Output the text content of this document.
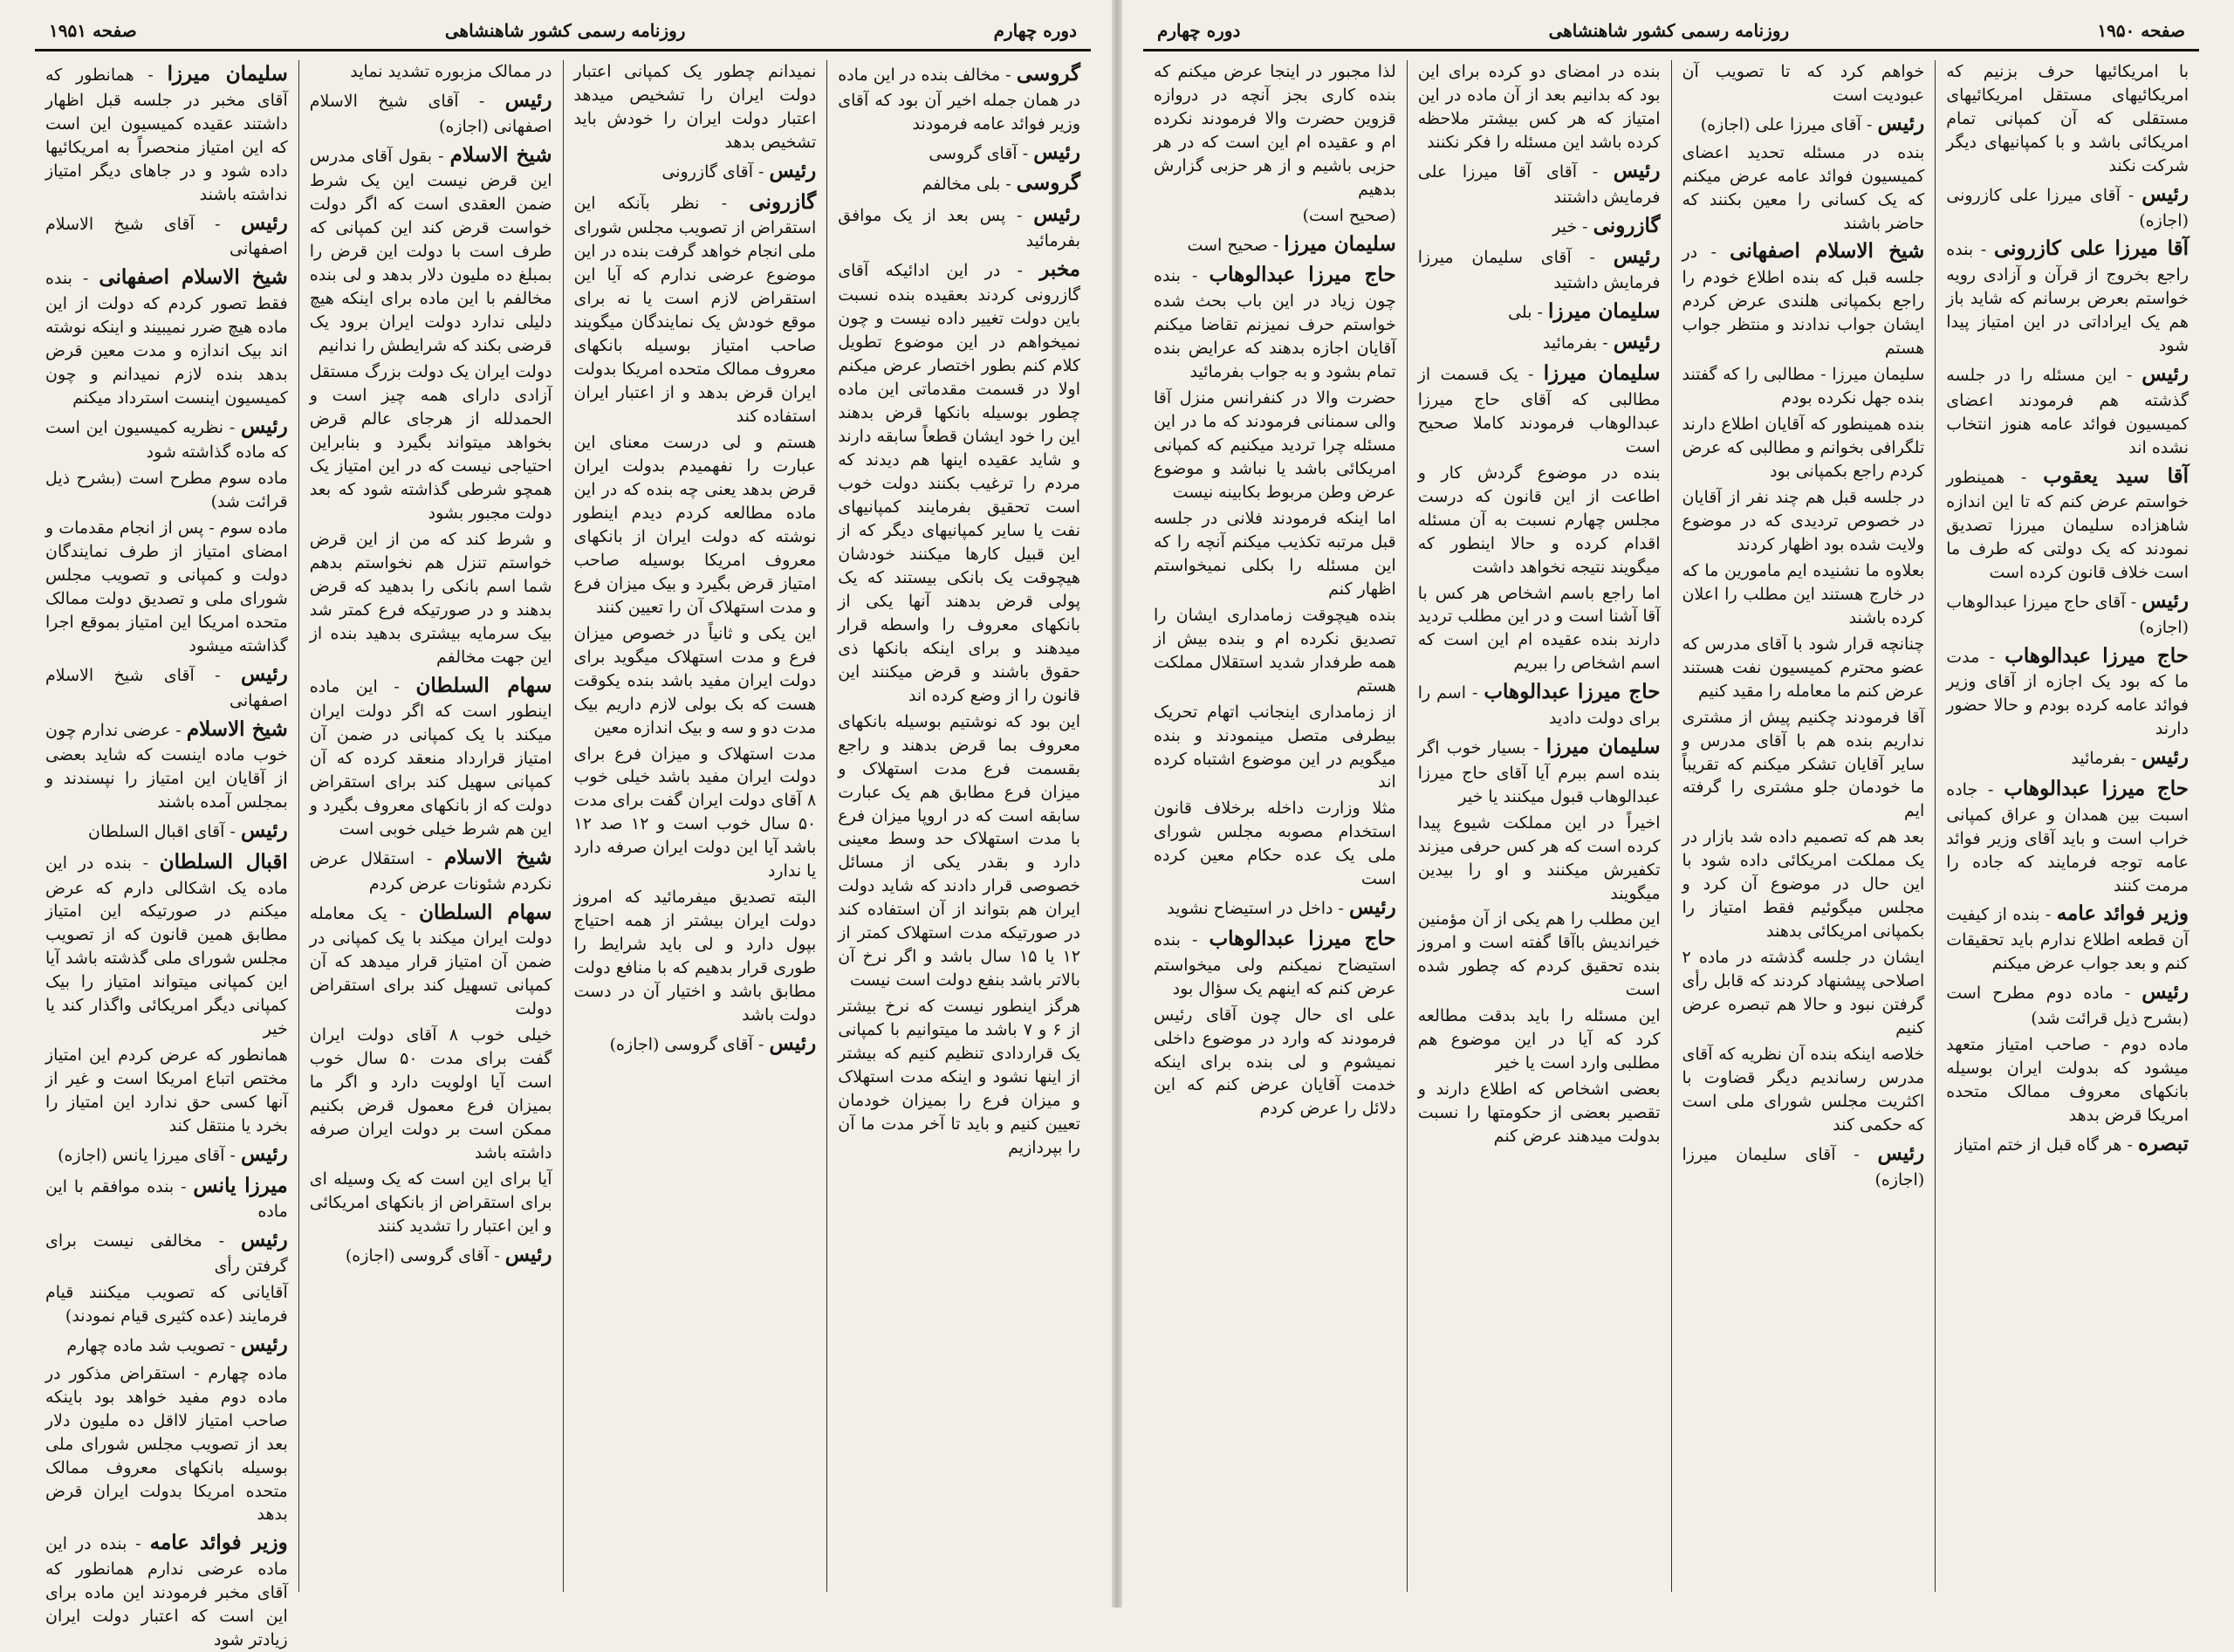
صفحه ۱۹۵۰
روزنامه رسمی کشور شاهنشاهی
دوره چهارم

با امریکائیها حرف بزنیم که امریکائیهای مستقل امریکائیهای مستقلی که آن کمپانی تمام امریکائی باشد و با کمپانیهای دیگر شرکت نکند

رئیس - آقای میرزا علی کازرونی (اجازه)

آقا میرزا علی کازرونی - بنده راجع بخروج از قرآن و آزادی رویه خواستم بعرض برسانم که شاید باز هم یک ایراداتی در این امتیاز پیدا شود

رئیس - این مسئله را در جلسه گذشته هم فرمودند اعضای کمیسیون فوائد عامه هنوز انتخاب نشده اند

آقا سید یعقوب - همینطور خواستم عرض کنم که تا این اندازه شاهزاده سلیمان میرزا تصدیق نمودند که یک دولتی که طرف ما است خلاف قانون کرده است

رئیس - آقای حاج میرزا عبدالوهاب (اجازه)

حاج میرزا عبدالوهاب - مدت ما که بود یک اجازه از آقای وزیر فوائد عامه کرده بودم و حالا حضور دارند

رئیس - بفرمائید

حاج میرزا عبدالوهاب - جاده اسبت بین همدان و عراق کمپانی خراب است و باید آقای وزیر فوائد عامه توجه فرمایند که جاده را مرمت کنند

وزیر فوائد عامه - بنده از کیفیت آن قطعه اطلاع ندارم باید تحقیقات کنم و بعد جواب عرض میکنم

رئیس - ماده دوم مطرح است (بشرح ذیل قرائت شد)

ماده دوم - صاحب امتیاز متعهد میشود که بدولت ایران بوسیله بانکهای معروف ممالک متحده امریکا قرض بدهد

تبصره - هر گاه قبل از ختم امتیاز

خواهم کرد که تا تصویب آن عبودیت است

رئیس - آقای میرزا علی (اجازه)

بنده در مسئله تحدید اعضای کمیسیون فوائد عامه عرض میکنم که یک کسانی را معین بکنند که حاضر باشند

شیخ الاسلام اصفهانی - در جلسه قبل که بنده اطلاع خودم را راجع بکمپانی هلندی عرض کردم ایشان جواب ندادند و منتظر جواب هستم

سلیمان میرزا - مطالبی را که گفتند بنده جهل نکرده بودم

بنده همینطور که آقایان اطلاع دارند تلگرافی بخوانم و مطالبی که عرض کردم راجع بکمپانی بود

در جلسه قبل هم چند نفر از آقایان در خصوص تردیدی که در موضوع ولایت شده بود اظهار کردند

بعلاوه ما نشنیده ایم مامورین ما که در خارج هستند این مطلب را اعلان کرده باشند

چنانچه قرار شود با آقای مدرس که عضو محترم کمیسیون نفت هستند عرض کنم ما معامله را مقید کنیم

آقا فرمودند چکنیم پیش از مشتری نداریم بنده هم با آقای مدرس و سایر آقایان تشکر میکنم که تقریباً ما خودمان جلو مشتری را گرفته ایم

بعد هم که تصمیم داده شد بازار در یک مملکت امریکائی داده شود با این حال در موضوع آن کرد و مجلس میگوئیم فقط امتیاز را بکمپانی امریکائی بدهند

ایشان در جلسه گذشته در ماده ۲ اصلاحی پیشنهاد کردند که قابل رأی گرفتن نبود و حالا هم تبصره عرض کنیم

خلاصه اینکه بنده آن نظریه که آقای مدرس رساندیم دیگر قضاوت با اکثریت مجلس شورای ملی است که حکمی کند

رئیس - آقای سلیمان میرزا (اجازه)

بنده در امضای دو کرده برای این بود که بدانیم بعد از آن ماده در این امتیاز که هر کس بیشتر ملاحظه کرده باشد این مسئله را فکر نکنند

رئیس - آقای آقا میرزا علی فرمایش داشتند

گازرونی - خیر

رئیس - آقای سلیمان میرزا فرمایش داشتید

سلیمان میرزا - بلی

رئیس - بفرمائید

سلیمان میرزا - یک قسمت از مطالبی که آقای حاج میرزا عبدالوهاب فرمودند کاملا صحیح است

بنده در موضوع گردش کار و اطاعت از این قانون که درست مجلس چهارم نسبت به آن مسئله اقدام کرده و حالا اینطور که میگویند نتیجه نخواهد داشت

اما راجع باسم اشخاص هر کس با آقا آشنا است و در این مطلب تردید دارند بنده عقیده ام این است که اسم اشخاص را ببریم

حاج میرزا عبدالوهاب - اسم را برای دولت دادید

سلیمان میرزا - بسیار خوب اگر بنده اسم ببرم آیا آقای حاج میرزا عبدالوهاب قبول میکنند یا خیر

اخیراً در این مملکت شیوع پیدا کرده است که هر کس حرفی میزند تکفیرش میکنند و او را بیدین میگویند

این مطلب را هم یکی از آن مؤمنین خیراندیش باآقا گفته است و امروز بنده تحقیق کردم که چطور شده است

این مسئله را باید بدقت مطالعه کرد که آیا در این موضوع هم مطلبی وارد است یا خیر

بعضی اشخاص که اطلاع دارند و تقصیر بعضی از حکومتها را نسبت بدولت میدهند عرض کنم

لذا مجبور در اینجا عرض میکنم که بنده کاری بجز آنچه در دروازه قزوین حضرت والا فرمودند نکرده ام و عقیده ام این است که در هر حزبی باشیم و از هر حزبی گزارش بدهیم

(صحیح است)

سلیمان میرزا - صحیح است

حاج میرزا عبدالوهاب - بنده چون زیاد در این باب بحث شده خواستم حرف نمیزنم تقاضا میکنم آقایان اجازه بدهند که عرایض بنده تمام بشود و به جواب بفرمائید

حضرت والا در کنفرانس منزل آقا والی سمنانی فرمودند که ما در این مسئله چرا تردید میکنیم که کمپانی امریکائی باشد یا نباشد و موضوع عرض وطن مربوط بکابینه نیست

اما اینکه فرمودند فلانی در جلسه قبل مرتبه تکذیب میکنم آنچه را که این مسئله را بکلی نمیخواستم اظهار کنم

بنده هیچوقت زمامداری ایشان را تصدیق نکرده ام و بنده بیش از همه طرفدار شدید استقلال مملکت هستم

از زمامداری اینجانب اتهام تحریک بیطرفی متصل مینمودند و بنده میگویم در این موضوع اشتباه کرده اند

مثلا وزارت داخله برخلاف قانون استخدام مصوبه مجلس شورای ملی یک عده حکام معین کرده است

رئیس - داخل در استیضاح نشوید

حاج میرزا عبدالوهاب - بنده استیضاح نمیکنم ولی میخواستم عرض کنم که اینهم یک سؤال بود

علی ای حال چون آقای رئیس فرمودند که وارد در موضوع داخلی نمیشوم و لی بنده برای اینکه خدمت آقایان عرض کنم که این دلائل را عرض کردم

دوره چهارم
روزنامه رسمی کشور شاهنشاهی
صفحه ۱۹۵۱

گروسی - مخالف بنده در این ماده در همان جمله اخیر آن بود که آقای وزیر فوائد عامه فرمودند

رئیس - آقای گروسی

گروسی - بلی مخالفم

رئیس - پس بعد از یک موافق بفرمائید

مخبر - در این ادائیکه آقای گازرونی کردند بعقیده بنده نسبت باین دولت تغییر داده نیست و چون نمیخواهم در این موضوع تطویل کلام کنم بطور اختصار عرض میکنم اولا در قسمت مقدماتی این ماده چطور بوسیله بانکها قرض بدهند این را خود ایشان قطعاً سابقه دارند و شاید عقیده اینها هم دیدند که مردم را ترغیب بکنند دولت خوب است تحقیق بفرمایند کمپانیهای نفت یا سایر کمپانیهای دیگر که از این قبیل کارها میکنند خودشان هیچوقت یک بانکی بیستند که یک پولی قرض بدهند آنها یکی از بانکهای معروف را واسطه قرار میدهند و برای اینکه بانکها ذی حقوق باشند و قرض میکنند این قانون را از وضع کرده اند

این بود که نوشتیم بوسیله بانکهای معروف بما قرض بدهند و راجع بقسمت فرع مدت استهلاک و میزان فرع مطابق هم یک عبارت سابقه است که در اروپا میزان فرع با مدت استهلاک حد وسط معینی دارد و بقدر یکی از مسائل خصوصی قرار دادند که شاید دولت ایران هم بتواند از آن استفاده کند در صورتیکه مدت استهلاک کمتر از ۱۲ یا ۱۵ سال باشد و اگر نرخ آن بالاتر باشد بنفع دولت است نیست

هرگز اینطور نیست که نرخ بیشتر از ۶ و ۷ باشد ما میتوانیم با کمپانی یک قراردادی تنظیم کنیم که بیشتر از اینها نشود و اینکه مدت استهلاک و میزان فرع را بمیزان خودمان تعیین کنیم و باید تا آخر مدت ما آن را بپردازیم

نمیدانم چطور یک کمپانی اعتبار دولت ایران را تشخیص میدهد اعتبار دولت ایران را خودش باید تشخیص بدهد

رئیس - آقای گازرونی

گازرونی - نظر بآنکه این استقراض از تصویب مجلس شورای ملی انجام خواهد گرفت بنده در این موضوع عرضی ندارم که آیا این استقراض لازم است یا نه برای موقع خودش یک نمایندگان میگویند صاحب امتیاز بوسیله بانکهای معروف ممالک متحده امریکا بدولت ایران قرض بدهد و از اعتبار ایران استفاده کند

هستم و لی درست معنای این عبارت را نفهمیدم بدولت ایران قرض بدهد یعنی چه بنده که در این ماده مطالعه کردم دیدم اینطور نوشته که دولت ایران از بانکهای معروف امریکا بوسیله صاحب امتیاز قرض بگیرد و بیک میزان فرع و مدت استهلاک آن را تعیین کنند

این یکی و ثانیاً در خصوص میزان فرع و مدت استهلاک میگوید برای دولت ایران مفید باشد بنده یکوقت هست که بک بولی لازم داریم بیک مدت دو و سه و بیک اندازه معین

مدت استهلاک و میزان فرع برای دولت ایران مفید باشد خیلی خوب ۸ آقای دولت ایران گفت برای مدت ۵۰ سال خوب است و ۱۲ صد ۱۲ باشد آیا این دولت ایران صرفه دارد یا ندارد

البته تصدیق میفرمائید که امروز دولت ایران بیشتر از همه احتیاج بپول دارد و لی باید شرایط را طوری قرار بدهیم که با منافع دولت مطابق باشد و اختیار آن در دست دولت باشد

رئیس - آقای گروسی (اجازه)

در ممالک مزبوره تشدید نماید

رئیس - آقای شیخ الاسلام اصفهانی (اجازه)

شیخ الاسلام - بقول آقای مدرس این قرض نیست این یک شرط ضمن العقدی است که اگر دولت خواست قرض کند این کمپانی که طرف است با دولت این قرض را بمبلغ ده ملیون دلار بدهد و لی بنده مخالفم با این ماده برای اینکه هیچ دلیلی ندارد دولت ایران برود یک قرضی بکند که شرایطش را ندانیم

دولت ایران یک دولت بزرگ مستقل آزادی دارای همه چیز است و الحمدلله از هرجای عالم قرض بخواهد میتواند بگیرد و بنابراین احتیاجی نیست که در این امتیاز یک همچو شرطی گذاشته شود که بعد دولت مجبور بشود

و شرط کند که من از این قرض خواستم تنزل هم نخواستم بدهم شما اسم بانکی را بدهید که قرض بدهند و در صورتیکه فرع کمتر شد بیک سرمایه بیشتری بدهید بنده از این جهت مخالفم

سهام السلطان - این ماده اینطور است که اگر دولت ایران میکند با یک کمپانی در ضمن آن امتیاز قرارداد منعقد کرده که آن کمپانی سهیل کند برای استقراض دولت که از بانکهای معروف بگیرد و این هم شرط خیلی خوبی است

شیخ الاسلام - استقلال عرض نکردم شئونات عرض کردم

سهام السلطان - یک معامله دولت ایران میکند با یک کمپانی در ضمن آن امتیاز قرار میدهد که آن کمپانی تسهیل کند برای استقراض دولت

خیلی خوب ۸ آقای دولت ایران گفت برای مدت ۵۰ سال خوب است آیا اولویت دارد و اگر ما بمیزان فرع معمول قرض بکنیم ممکن است بر دولت ایران صرفه داشته باشد

آیا برای این است که یک وسیله ای برای استقراض از بانکهای امریکائی و این اعتبار را تشدید کنند

رئیس - آقای گروسی (اجازه)

سلیمان میرزا - همانطور که آقای مخبر در جلسه قبل اظهار داشتند عقیده کمیسیون این است که این امتیاز منحصراً به امریکائیها داده شود و در جاهای دیگر امتیاز نداشته باشند

رئیس - آقای شیخ الاسلام اصفهانی

شیخ الاسلام اصفهانی - بنده فقط تصور کردم که دولت از این ماده هیچ ضرر نمیبیند و اینکه نوشته اند بیک اندازه و مدت معین قرض بدهد بنده لازم نمیدانم و چون کمیسیون اینست استرداد میکنم

رئیس - نظریه کمیسیون این است که ماده گذاشته شود

ماده سوم مطرح است (بشرح ذیل قرائت شد)

ماده سوم - پس از انجام مقدمات و امضای امتیاز از طرف نمایندگان دولت و کمپانی و تصویب مجلس شورای ملی و تصدیق دولت ممالک متحده امریکا این امتیاز بموقع اجرا گذاشته میشود

رئیس - آقای شیخ الاسلام اصفهانی

شیخ الاسلام - عرضی ندارم چون خوب ماده اینست که شاید بعضی از آقایان این امتیاز را نپسندند و بمجلس آمده باشند

رئیس - آقای اقبال السلطان

اقبال السلطان - بنده در این ماده یک اشکالی دارم که عرض میکنم در صورتیکه این امتیاز مطابق همین قانون که از تصویب مجلس شورای ملی گذشته باشد آیا این کمپانی میتواند امتیاز را بیک کمپانی دیگر امریکائی واگذار کند یا خیر

همانطور که عرض کردم این امتیاز مختص اتباع امریکا است و غیر از آنها کسی حق ندارد این امتیاز را بخرد یا منتقل کند

رئیس - آقای میرزا یانس (اجازه)

میرزا یانس - بنده موافقم با این ماده

رئیس - مخالفی نیست برای گرفتن رأی

آقایانی که تصویب میکنند قیام فرمایند (عده کثیری قیام نمودند)

رئیس - تصویب شد ماده چهارم

ماده چهارم - استقراض مذکور در ماده دوم مفید خواهد بود باینکه صاحب امتیاز لااقل ده ملیون دلار بعد از تصویب مجلس شورای ملی بوسیله بانکهای معروف ممالک متحده امریکا بدولت ایران قرض بدهد

وزیر فوائد عامه - بنده در این ماده عرضی ندارم همانطور که آقای مخبر فرمودند این ماده برای این است که اعتبار دولت ایران زیادتر شود
